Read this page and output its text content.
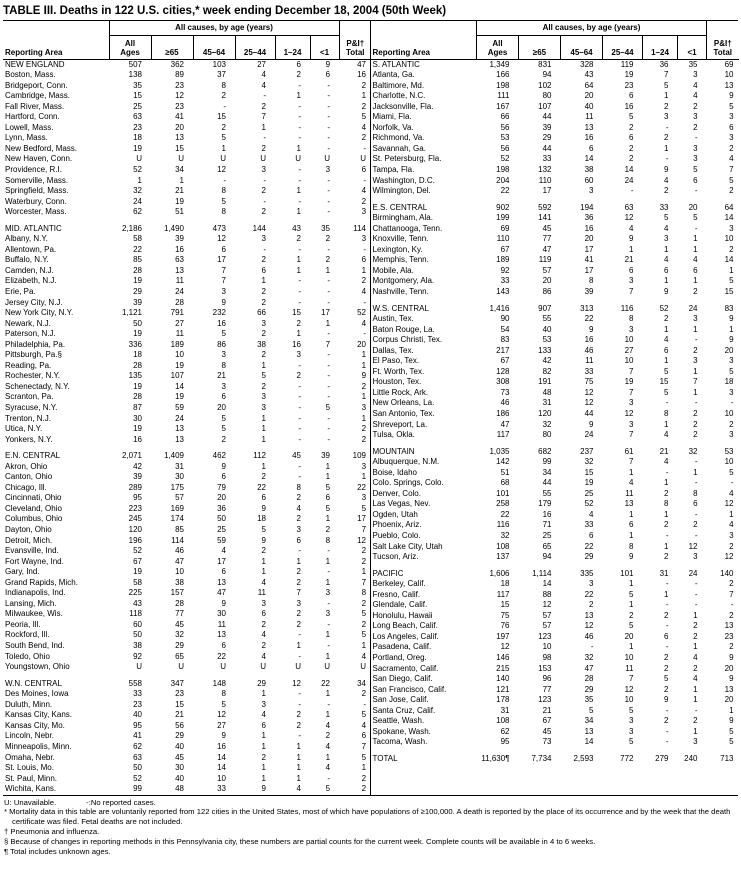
TABLE III. Deaths in 122 U.S. cities,* week ending December 18, 2004 (50th Week)
Reporting Area	All causes, by age (years)						P&I†
Total
	All
Ages	≥65	45–64	25–44	1–24	<1	
NEW ENGLAND	507	362	103	27	6	9	47
Boston, Mass.	138	89	37	4	2	6	16
Bridgeport, Conn.	35	23	8	4	-	-	2
Cambridge, Mass.	15	12	2	-	1	-	1
Fall River, Mass.	25	23	-	2	-	-	2
Hartford, Conn.	63	41	15	7	-	-	5
Lowell, Mass.	23	20	2	1	-	-	4
Lynn, Mass.	18	13	5	-	-	-	2
New Bedford, Mass.	19	15	1	2	1	-	-
New Haven, Conn.	U	U	U	U	U	U	U
Providence, R.I.	52	34	12	3	-	3	6
Somerville, Mass.	1	1	-	-	-	-	-
Springfield, Mass.	32	21	8	2	1	-	4
Waterbury, Conn.	24	19	5	-	-	-	2
Worcester, Mass.	62	51	8	2	1	-	3
MID. ATLANTIC	2,186	1,490	473	144	43	35	114
Albany, N.Y.	58	39	12	3	2	2	3
Allentown, Pa.	22	16	6	-	-	-	-
Buffalo, N.Y.	85	63	17	2	1	2	6
Camden, N.J.	28	13	7	6	1	1	1
Elizabeth, N.J.	19	11	7	1	-	-	2
Erie, Pa.	29	24	3	2	-	-	4
Jersey City, N.J.	39	28	9	2	-	-	-
New York City, N.Y.	1,121	791	232	66	15	17	52
Newark, N.J.	50	27	16	3	2	1	4
Paterson, N.J.	19	11	5	2	1	-	-
Philadelphia, Pa.	336	189	86	38	16	7	20
Pittsburgh, Pa.§	18	10	3	2	3	-	1
Reading, Pa.	28	19	8	1	-	-	1
Rochester, N.Y.	135	107	21	5	2	-	9
Schenectady, N.Y.	19	14	3	2	-	-	2
Scranton, Pa.	28	19	6	3	-	-	1
Syracuse, N.Y.	87	59	20	3	-	5	3
Trenton, N.J.	30	24	5	1	-	-	1
Utica, N.Y.	19	13	5	1	-	-	2
Yonkers, N.Y.	16	13	2	1	-	-	2
E.N. CENTRAL	2,071	1,409	462	112	45	39	109
Akron, Ohio	42	31	9	1	-	1	3
Canton, Ohio	39	30	6	2	-	1	1
Chicago, Ill.	289	175	79	22	8	5	22
Cincinnati, Ohio	95	57	20	6	2	6	3
Cleveland, Ohio	223	169	36	9	4	5	5
Columbus, Ohio	245	174	50	18	2	1	17
Dayton, Ohio	120	85	25	5	3	2	7
Detroit, Mich.	196	114	59	9	6	8	12
Evansville, Ind.	52	46	4	2	-	-	2
Fort Wayne, Ind.	67	47	17	1	1	1	2
Gary, Ind.	19	10	6	1	2	-	1
Grand Rapids, Mich.	58	38	13	4	2	1	7
Indianapolis, Ind.	225	157	47	11	7	3	8
Lansing, Mich.	43	28	9	3	3	-	2
Milwaukee, Wis.	118	77	30	6	2	3	5
Peoria, Ill.	60	45	11	2	2	-	2
Rockford, Ill.	50	32	13	4	-	1	5
South Bend, Ind.	38	29	6	2	1	-	1
Toledo, Ohio	92	65	22	4	-	1	4
Youngstown, Ohio	U	U	U	U	U	U	U
W.N. CENTRAL	558	347	148	29	12	22	34
Des Moines, Iowa	33	23	8	1	-	1	2
Duluth, Minn.	23	15	5	3	-	-	-
Kansas City, Kans.	40	21	12	4	2	1	5
Kansas City, Mo.	95	56	27	6	2	4	4
Lincoln, Nebr.	41	29	9	1	-	2	6
Minneapolis, Minn.	62	40	16	1	1	4	7
Omaha, Nebr.	63	45	14	2	1	1	5
St. Louis, Mo.	50	30	14	1	1	4	1
St. Paul, Minn.	52	40	10	1	1	-	2
Wichita, Kans.	99	48	33	9	4	5	2
Reporting Area	All causes, by age (years)						P&I†
Total
	All
Ages	≥65	45–64	25–44	1–24	<1	
S. ATLANTIC	1,349	831	328	119	36	35	69
Atlanta, Ga.	166	94	43	19	7	3	10
Baltimore, Md.	198	102	64	23	5	4	13
Charlotte, N.C.	111	80	20	6	1	4	9
Jacksonville, Fla.	167	107	40	16	2	2	5
Miami, Fla.	66	44	11	5	3	3	3
Norfolk, Va.	56	39	13	2	-	2	6
Richmond, Va.	53	29	16	6	2	-	3
Savannah, Ga.	56	44	6	2	1	3	2
St. Petersburg, Fla.	52	33	14	2	-	3	4
Tampa, Fla.	198	132	38	14	9	5	7
Washington, D.C.	204	110	60	24	4	6	5
Wilmington, Del.	22	17	3	-	2	-	2
E.S. CENTRAL	902	592	194	63	33	20	64
Birmingham, Ala.	199	141	36	12	5	5	14
Chattanooga, Tenn.	69	45	16	4	4	-	3
Knoxville, Tenn.	110	77	20	9	3	1	10
Lexington, Ky.	67	47	17	1	1	1	2
Memphis, Tenn.	189	119	41	21	4	4	14
Mobile, Ala.	92	57	17	6	6	6	1
Montgomery, Ala.	33	20	8	3	1	1	5
Nashville, Tenn.	143	86	39	7	9	2	15
W.S. CENTRAL	1,416	907	313	116	52	24	83
Austin, Tex.	90	55	22	8	2	3	9
Baton Rouge, La.	54	40	9	3	1	1	1
Corpus Christi, Tex.	83	53	16	10	4	-	9
Dallas, Tex.	217	133	46	27	6	2	20
El Paso, Tex.	67	42	11	10	1	3	3
Ft. Worth, Tex.	128	82	33	7	5	1	5
Houston, Tex.	308	191	75	19	15	7	18
Little Rock, Ark.	73	48	12	7	5	1	3
New Orleans, La.	46	31	12	3	-	-	-
San Antonio, Tex.	186	120	44	12	8	2	10
Shreveport, La.	47	32	9	3	1	2	2
Tulsa, Okla.	117	80	24	7	4	2	3
MOUNTAIN	1,035	682	237	61	21	32	53
Albuquerque, N.M.	142	99	32	7	4	-	10
Boise, Idaho	51	34	15	1	-	1	5
Colo. Springs, Colo.	68	44	19	4	1	-	-
Denver, Colo.	101	55	25	11	2	8	4
Las Vegas, Nev.	258	179	52	13	8	6	12
Ogden, Utah	22	16	4	1	1	-	1
Phoenix, Ariz.	116	71	33	6	2	2	4
Pueblo, Colo.	32	25	6	1	-	-	3
Salt Lake City, Utah	108	65	22	8	1	12	2
Tucson, Ariz.	137	94	29	9	2	3	12
PACIFIC	1,606	1,114	335	101	31	24	140
Berkeley, Calif.	18	14	3	1	-	-	2
Fresno, Calif.	117	88	22	5	1	-	7
Glendale, Calif.	15	12	2	1	-	-	-
Honolulu, Hawaii	75	57	13	2	2	1	2
Long Beach, Calif.	76	57	12	5	-	2	13
Los Angeles, Calif.	197	123	46	20	6	2	23
Pasadena, Calif.	12	10	-	1	-	1	2
Portland, Oreg.	146	98	32	10	2	4	9
Sacramento, Calif.	215	153	47	11	2	2	20
San Diego, Calif.	140	96	28	7	5	4	9
San Francisco, Calif.	121	77	29	12	2	1	13
San Jose, Calif.	178	123	35	10	9	1	20
Santa Cruz, Calif.	31	21	5	5	-	-	1
Seattle, Wash.	108	67	34	3	2	2	9
Spokane, Wash.	62	45	13	3	-	1	5
Tacoma, Wash.	95	73	14	5	-	3	5
TOTAL	11,630¶	7,734	2,593	772	279	240	713
U: Unavailable.	-:No reported cases.
* Mortality data in this table are voluntarily reported from 122 cities in the United States, most of which have populations of ≥100,000. A death is reported by the place of its occurrence and by the week that the death certificate was filed. Fetal deaths are not included.
† Pneumonia and influenza.
§ Because of changes in reporting methods in this Pennsylvania city, these numbers are partial counts for the current week. Complete counts will be available in 4 to 6 weeks.
¶ Total includes unknown ages.
